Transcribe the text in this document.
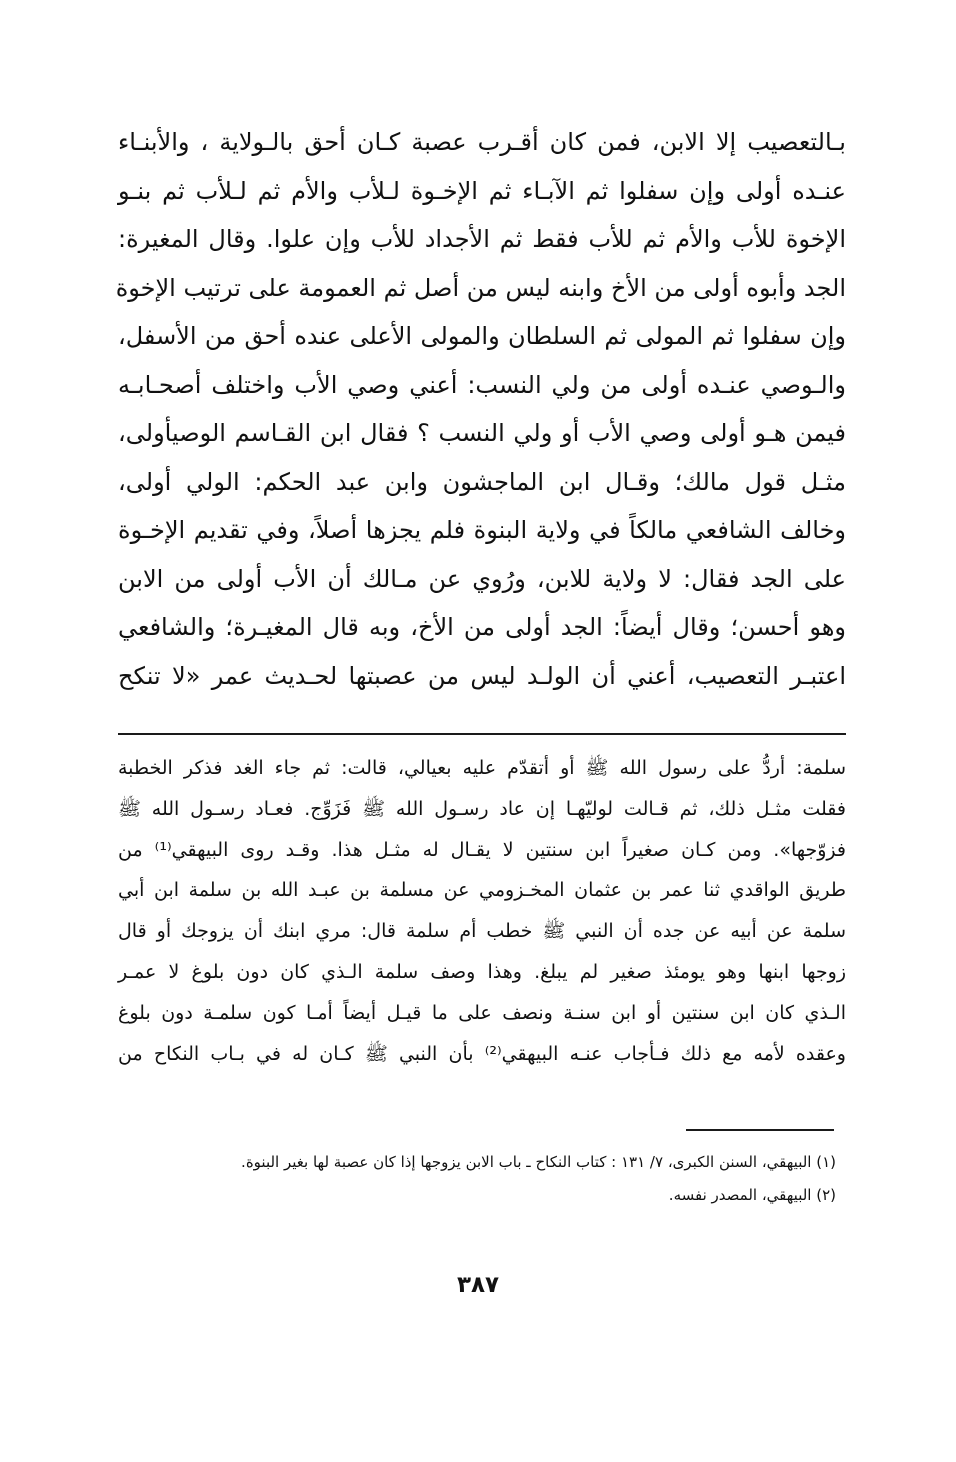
بـالتعصيب إلا الابن، فمن كان أقـرب عصبة كـان أحق بالـولاية ، والأبنـاء
عنـده أولى وإن سفلوا ثم الآبـاء ثم الإخـوة لـلأب والأم ثم لـلأب ثم بنـو
الإخوة للأب والأم ثم للأب فقط ثم الأجداد للأب وإن علوا. وقال المغيرة:
الجد وأبوه أولى من الأخ وابنه ليس من أصل ثم العمومة على ترتيب الإخوة
وإن سفلوا ثم المولى ثم السلطان والمولى الأعلى عنده أحق من الأسفل،
والـوصي عنـده أولى من ولي النسب: أعني وصي الأب واختلف أصحـابـه
فيمن هـو أولى وصي الأب أو ولي النسب ؟ فقال ابن القـاسم الوصيأولى،
مثـل قول مالك؛ وقـال ابن الماجشون وابن عبد الحكم: الولي أولى،
وخالف الشافعي مالكاً في ولاية البنوة فلم يجزها أصلاً، وفي تقديم الإخـوة
على الجد فقال: لا ولاية للابن، ورُوي عن مـالك أن الأب أولى من الابن
وهو أحسن؛ وقال أيضاً: الجد أولى من الأخ، وبه قال المغيـرة؛ والشافعي
اعتبـر التعصيب، أعني أن الولـد ليس من عصبتها لحـديث عمر «لا تنكح
سلمة: أردُّ على رسول الله ﷺ أو أتقدّم عليه بعيالي، قالت: ثم جاء الغد فذكر الخطبة
فقلت مثـل ذلك، ثم قـالت لوليّهـا إن عاد رسـول الله ﷺ فَزَوِّج. فعـاد رسـول الله ﷺ
فزوّجها». ومن كـان صغيراً ابن سنتين لا يقـال له مثـل هذا. وقـد روى البيهقي⁽¹⁾ من
طريق الواقدي ثنا عمر بن عثمان المخـزومي عن مسلمة بن عبـد الله بن سلمة ابن أبي
سلمة عن أبيه عن جده أن النبي ﷺ خطب أم سلمة قال: مري ابنك أن يزوجك أو قال
زوجها ابنها وهو يومئذ صغير لم يبلغ. وهذا وصف سلمة الـذي كان دون بلوغ لا عمـر
الـذي كان ابن سنتين أو ابن سنـة ونصف على ما قيـل أيضاً أمـا كون سلمـة دون بلوغ
وعقده لأمه مع ذلك فـأجاب عنـه البيهقي⁽²⁾ بأن النبي ﷺ كـان له في بـاب النكاح من
(١) البيهقي، السنن الكبرى، ٧/ ١٣١ : كتاب النكاح ـ باب الابن يزوجها إذا كان عصبة لها بغير البنوة.
(٢) البيهقي، المصدر نفسه.
٣٨٧
